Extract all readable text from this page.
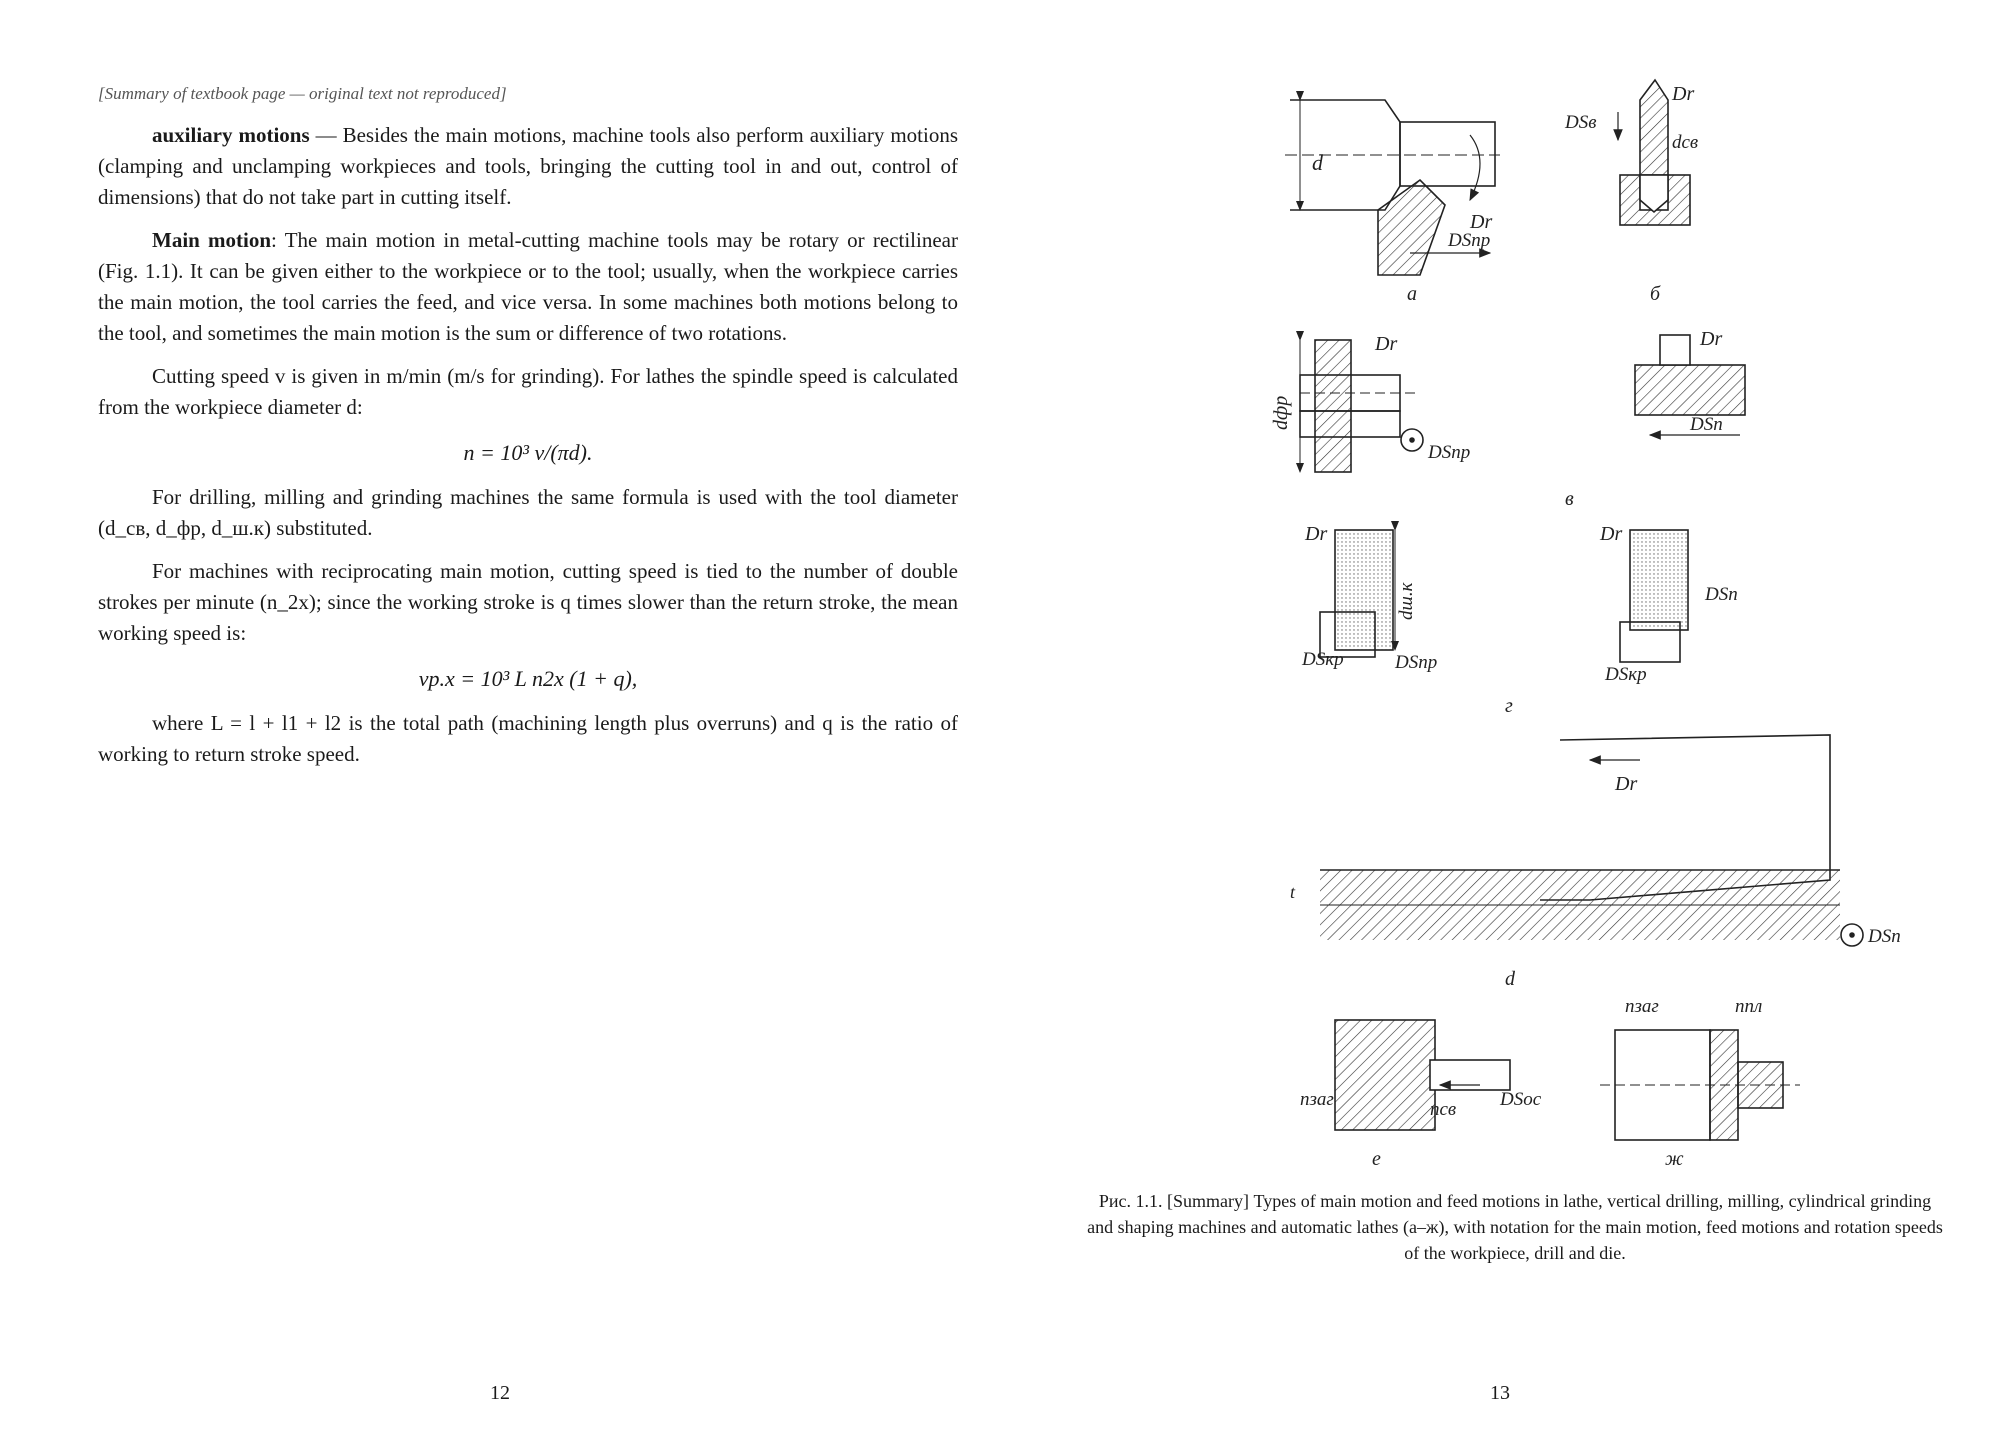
[Summary of textbook page — original text not reproduced]

auxiliary motions — Besides the main motions, machine tools also perform auxiliary motions (clamping and unclamping workpieces and tools, bringing the cutting tool in and out, control of dimensions) that do not take part in cutting itself.

Main motion: The main motion in metal-cutting machine tools may be rotary or rectilinear (Fig. 1.1). It can be given either to the workpiece or to the tool; usually, when the workpiece carries the main motion, the tool carries the feed, and vice versa. In some machines both motions belong to the tool, and sometimes the main motion is the sum or difference of two rotations.

Cutting speed v is given in m/min (m/s for grinding). For lathes the spindle speed is calculated from the workpiece diameter d:

n = 10³ v/(πd).

For drilling, milling and grinding machines the same formula is used with the tool diameter (d_св, d_фр, d_ш.к) substituted.

For machines with reciprocating main motion, cutting speed is tied to the number of double strokes per minute (n_2x); since the working stroke is q times slower than the return stroke, the mean working speed is:

vр.х = 10³ L n2х (1 + q),

where L = l + l1 + l2 is the total path (machining length plus overruns) and q is the ratio of working to return stroke speed.

12
d
Dr
DSпр
а
Dr
DSв
dсв
б
dфр
Dr
DSпр
Dr
DSп
в
dш.к
Dr
DSкр	DSпр
Dr
DSп
DSкр
г
Dr
t
DSп
d
nзаг	nсв DSос
е
nзаг	nпл
ж
Рис. 1.1. [Summary] Types of main motion and feed motions in lathe, vertical drilling, milling, cylindrical grinding and shaping machines and automatic lathes (а–ж), with notation for the main motion, feed motions and rotation speeds of the workpiece, drill and die.
13
